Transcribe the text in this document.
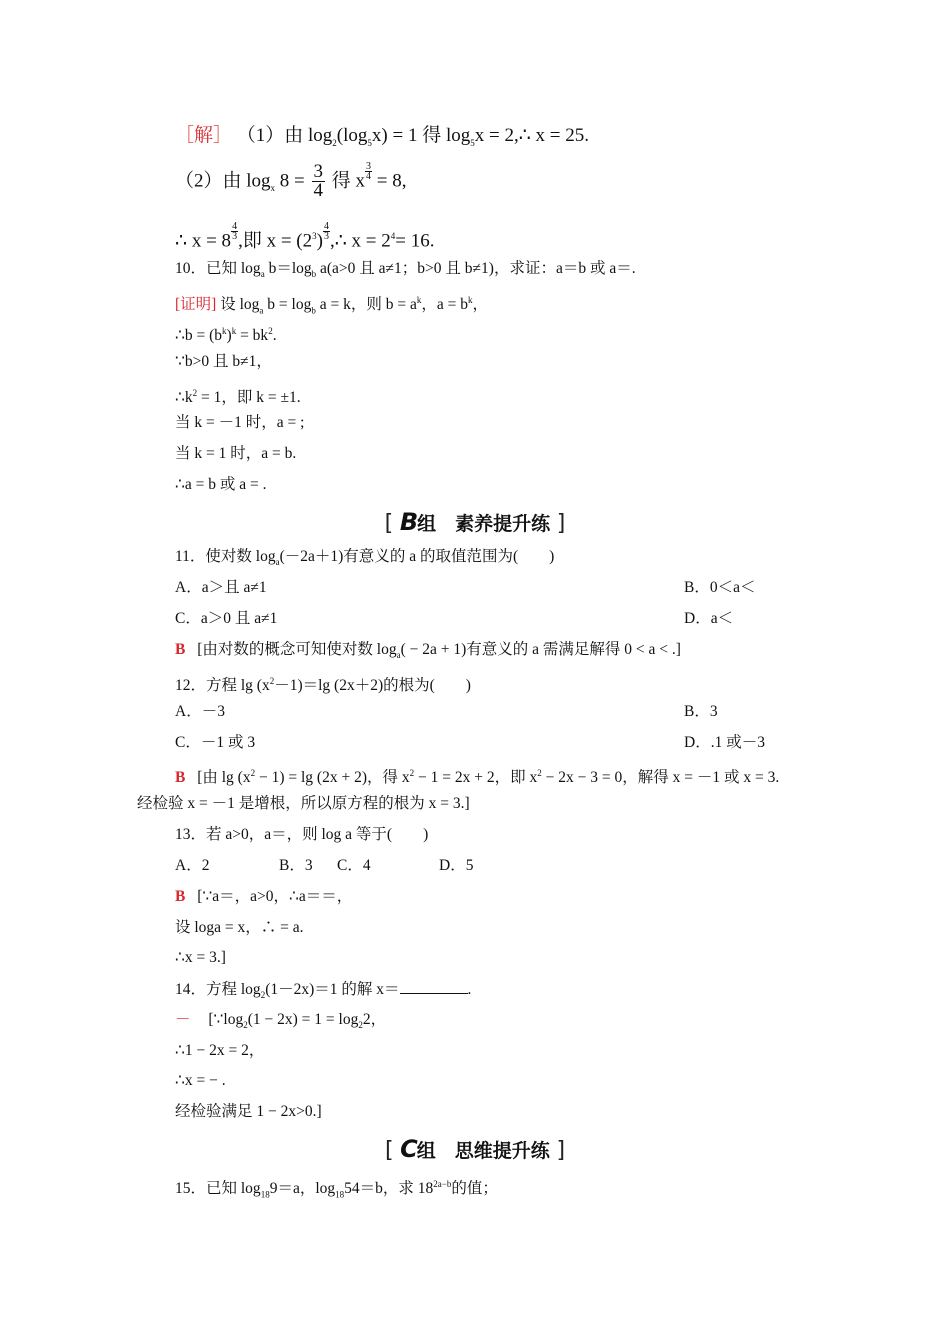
［解］ （1）由 $\log_2(\log_5x) = 1$ 得 $\log_5x$ = 2,∴ x = 25.
（2）由 $\log_x 8 = \frac{3}{4}$ 得 x $\frac{3}{4} = 8$,
∴ $x = 8 \frac{4}{3}$ ,即 $x = (2^3) \frac{4}{3}$ ,∴ $x = 2^4= 16$.
10．已知 $\log_a b=\log_b$ a(a>0 且 a≠1；b>0 且 b≠1)，求证：a＝b 或 a＝.
[证明] 设 $\log_a b = \log_b a = k$，则 $b = a^k$，$a = b^k$，
∴b = $(b^k)^k = bk^2$.
∵b>0 且 b≠1，
$\therefore k^2 = 1$，即 k = ±1.
当 k = －1 时，a = ;
当 k = 1 时，a = b.
∴a = b 或 a = .
[ B组　素养提升练 ]
11．使对数 $\log_a(-2a+1)$有意义的 a 的取值范围为(　　)
A．a＞且 a≠1	B．0＜a＜
C．a＞0 且 a≠1	D．a＜
B [由对数的概念可知使对数 $\log_a( - 2a + 1)$有意义的 a 需满足解得 0 < a < .]
12．方程 $\lg (x^2-1)=\lg$ (2x＋2)的根为(　　)
A．－3	B．3
C．－1 或 3	D．.1 或－3
B [由 $\lg (x^2 - 1) = \lg (2x + 2)$，得 $x^2 - 1 = 2x + 2$，即 $x^2 - 2x - 3 = 0$，解得 x = －1 或 x = 3.
经检验 x = －1 是增根，所以原方程的根为 x = 3.]
13．若 a>0，a＝，则 log a 等于(　　)
A．2	B．3 C．4	D．5
B [∵a＝，a>0，∴a＝＝，
设 loga = x，∴ = a.
∴x = 3.]
14．方程 $\log_2(1-2x)=1$ 的解 x＝	.
－ [$\because\log_2(1 - 2x) = 1 = \log_22$，
∴1 − 2x = 2，
∴x = − .
经检验满足 1 − 2x>0.]
[ C组　思维提升练 ]
15．已知 $\log_{18}9=a$，$\log_{18}54=b$，求 $18^{2a-b}$的值；
